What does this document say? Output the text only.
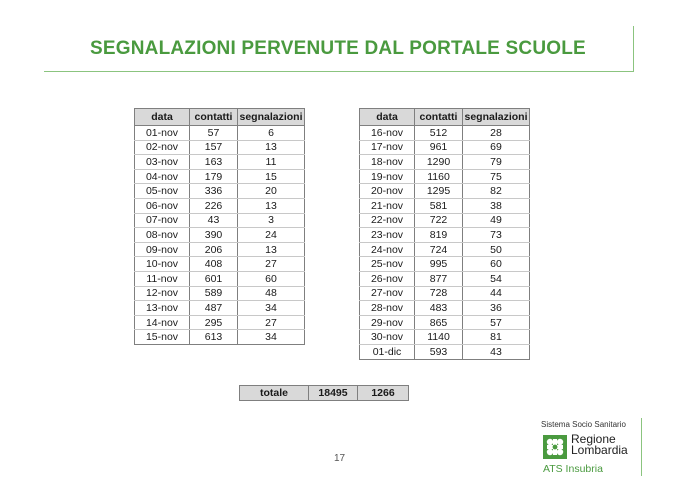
SEGNALAZIONI PERVENUTE DAL PORTALE SCUOLE
data	contatti	segnalazioni
01-nov	57	6
02-nov	157	13
03-nov	163	11
04-nov	179	15
05-nov	336	20
06-nov	226	13
07-nov	43	3
08-nov	390	24
09-nov	206	13
10-nov	408	27
11-nov	601	60
12-nov	589	48
13-nov	487	34
14-nov	295	27
15-nov	613	34
data	contatti	segnalazioni
16-nov	512	28
17-nov	961	69
18-nov	1290	79
19-nov	1160	75
20-nov	1295	82
21-nov	581	38
22-nov	722	49
23-nov	819	73
24-nov	724	50
25-nov	995	60
26-nov	877	54
27-nov	728	44
28-nov	483	36
29-nov	865	57
30-nov	1140	81
01-dic	593	43
totale	18495	1266
17
Sistema Socio Sanitario
Regione
Lombardia
ATS Insubria
